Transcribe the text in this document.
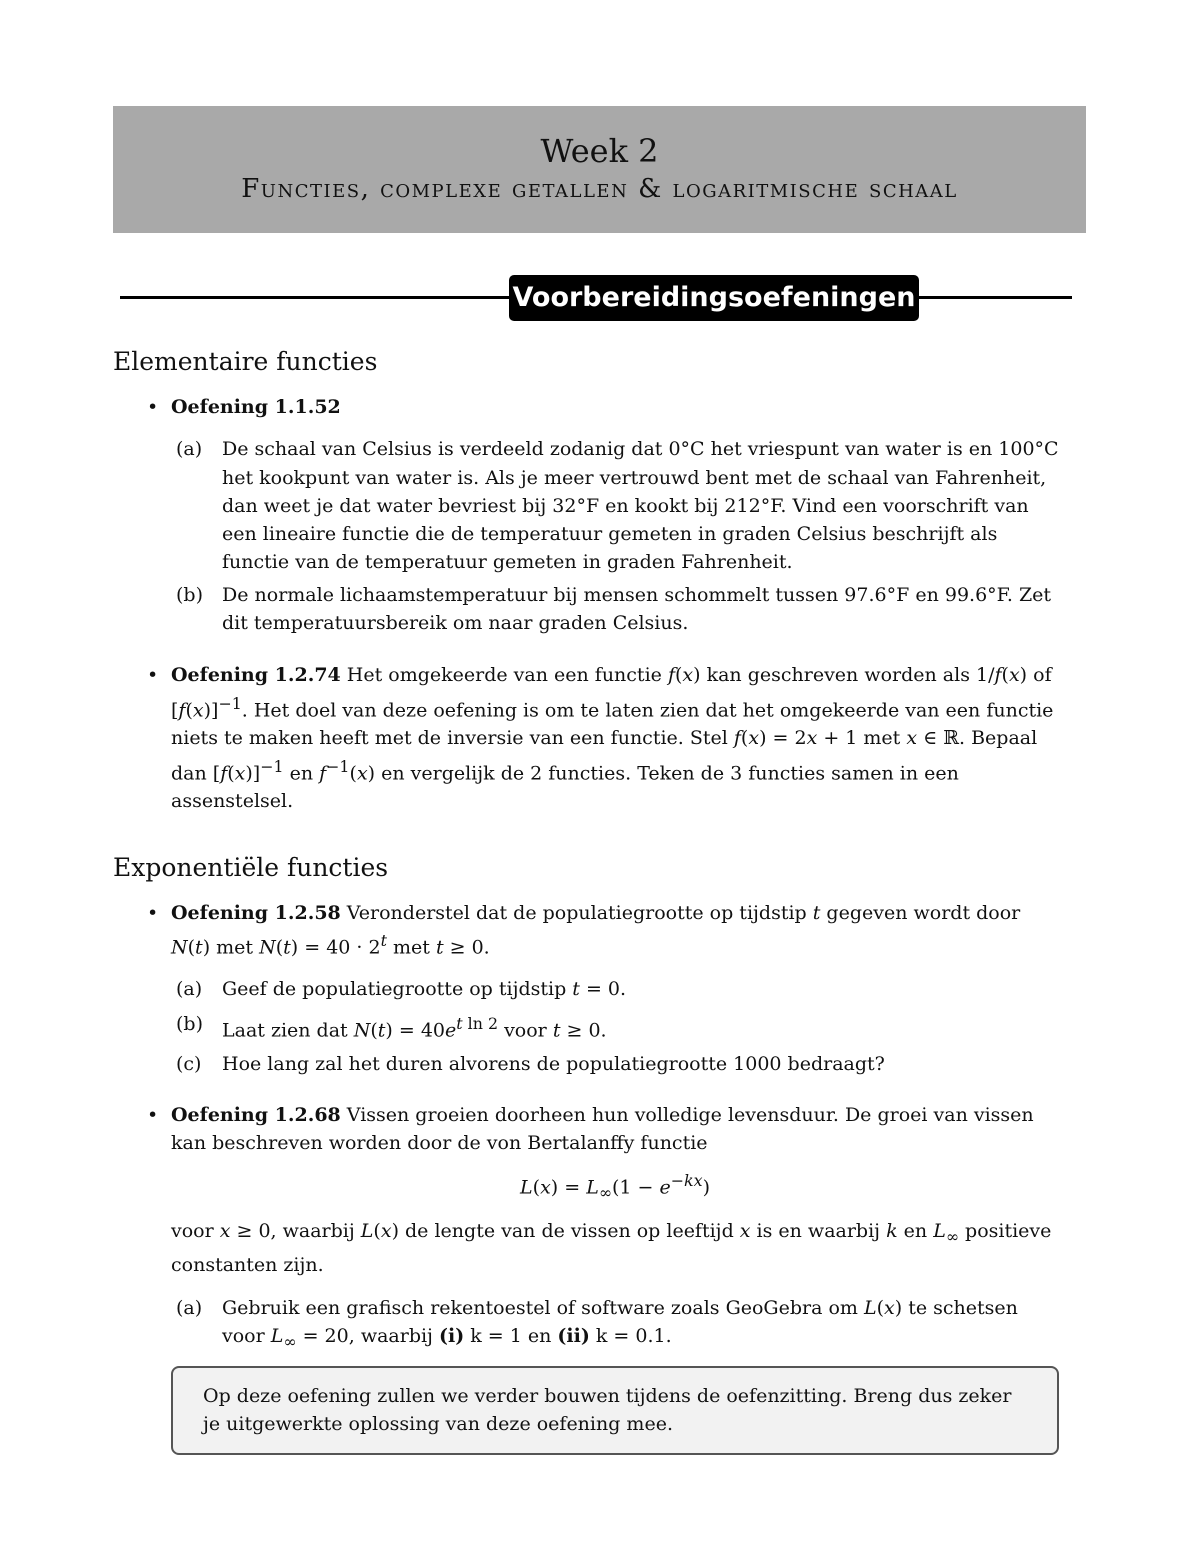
Week 2
Functies, complexe getallen & logaritmische schaal
Voorbereidingsoefeningen
Elementaire functies
• Oefening 1.1.52
(a) De schaal van Celsius is verdeeld zodanig dat 0°C het vriespunt van water is en 100°C het kookpunt van water is. Als je meer vertrouwd bent met de schaal van Fahrenheit, dan weet je dat water bevriest bij 32°F en kookt bij 212°F. Vind een voorschrift van een lineaire functie die de temperatuur gemeten in graden Celsius beschrijft als functie van de temperatuur gemeten in graden Fahrenheit.
(b) De normale lichaamstemperatuur bij mensen schommelt tussen 97.6°F en 99.6°F. Zet dit temperatuursbereik om naar graden Celsius.
• Oefening 1.2.74 Het omgekeerde van een functie f(x) kan geschreven worden als 1/f(x) of $[f(x)]^{-1}$. Het doel van deze oefening is om te laten zien dat het omgekeerde van een functie niets te maken heeft met de inversie van een functie. Stel f(x) = 2x + 1 met x ∈ ℝ. Bepaal dan $[f(x)]^{-1}$ en $f^{-1}(x)$ en vergelijk de 2 functies. Teken de 3 functies samen in een assenstelsel.
Exponentiële functies
• Oefening 1.2.58 Veronderstel dat de populatiegrootte op tijdstip t gegeven wordt door N(t) met $N(t) = 40 \cdot 2^t$ met t ≥ 0.
(a) Geef de populatiegrootte op tijdstip t = 0.
(b) Laat zien dat $N(t) = 40e^{t ln 2}$ voor t ≥ 0.
(c) Hoe lang zal het duren alvorens de populatiegrootte 1000 bedraagt?
• Oefening 1.2.68 Vissen groeien doorheen hun volledige levensduur. De groei van vissen kan beschreven worden door de von Bertalanffy functie
$L(x) = L_\infty(1 - e^{-kx})$
voor x ≥ 0, waarbij L(x) de lengte van de vissen op leeftijd x is en waarbij k en $L_\infty$ positieve constanten zijn.
(a) Gebruik een grafisch rekentoestel of software zoals GeoGebra om L(x) te schetsen voor $L_\infty = 20$, waarbij (i) k = 1 en (ii) k = 0.1.
Op deze oefening zullen we verder bouwen tijdens de oefenzitting. Breng dus zeker je uitgewerkte oplossing van deze oefening mee.
